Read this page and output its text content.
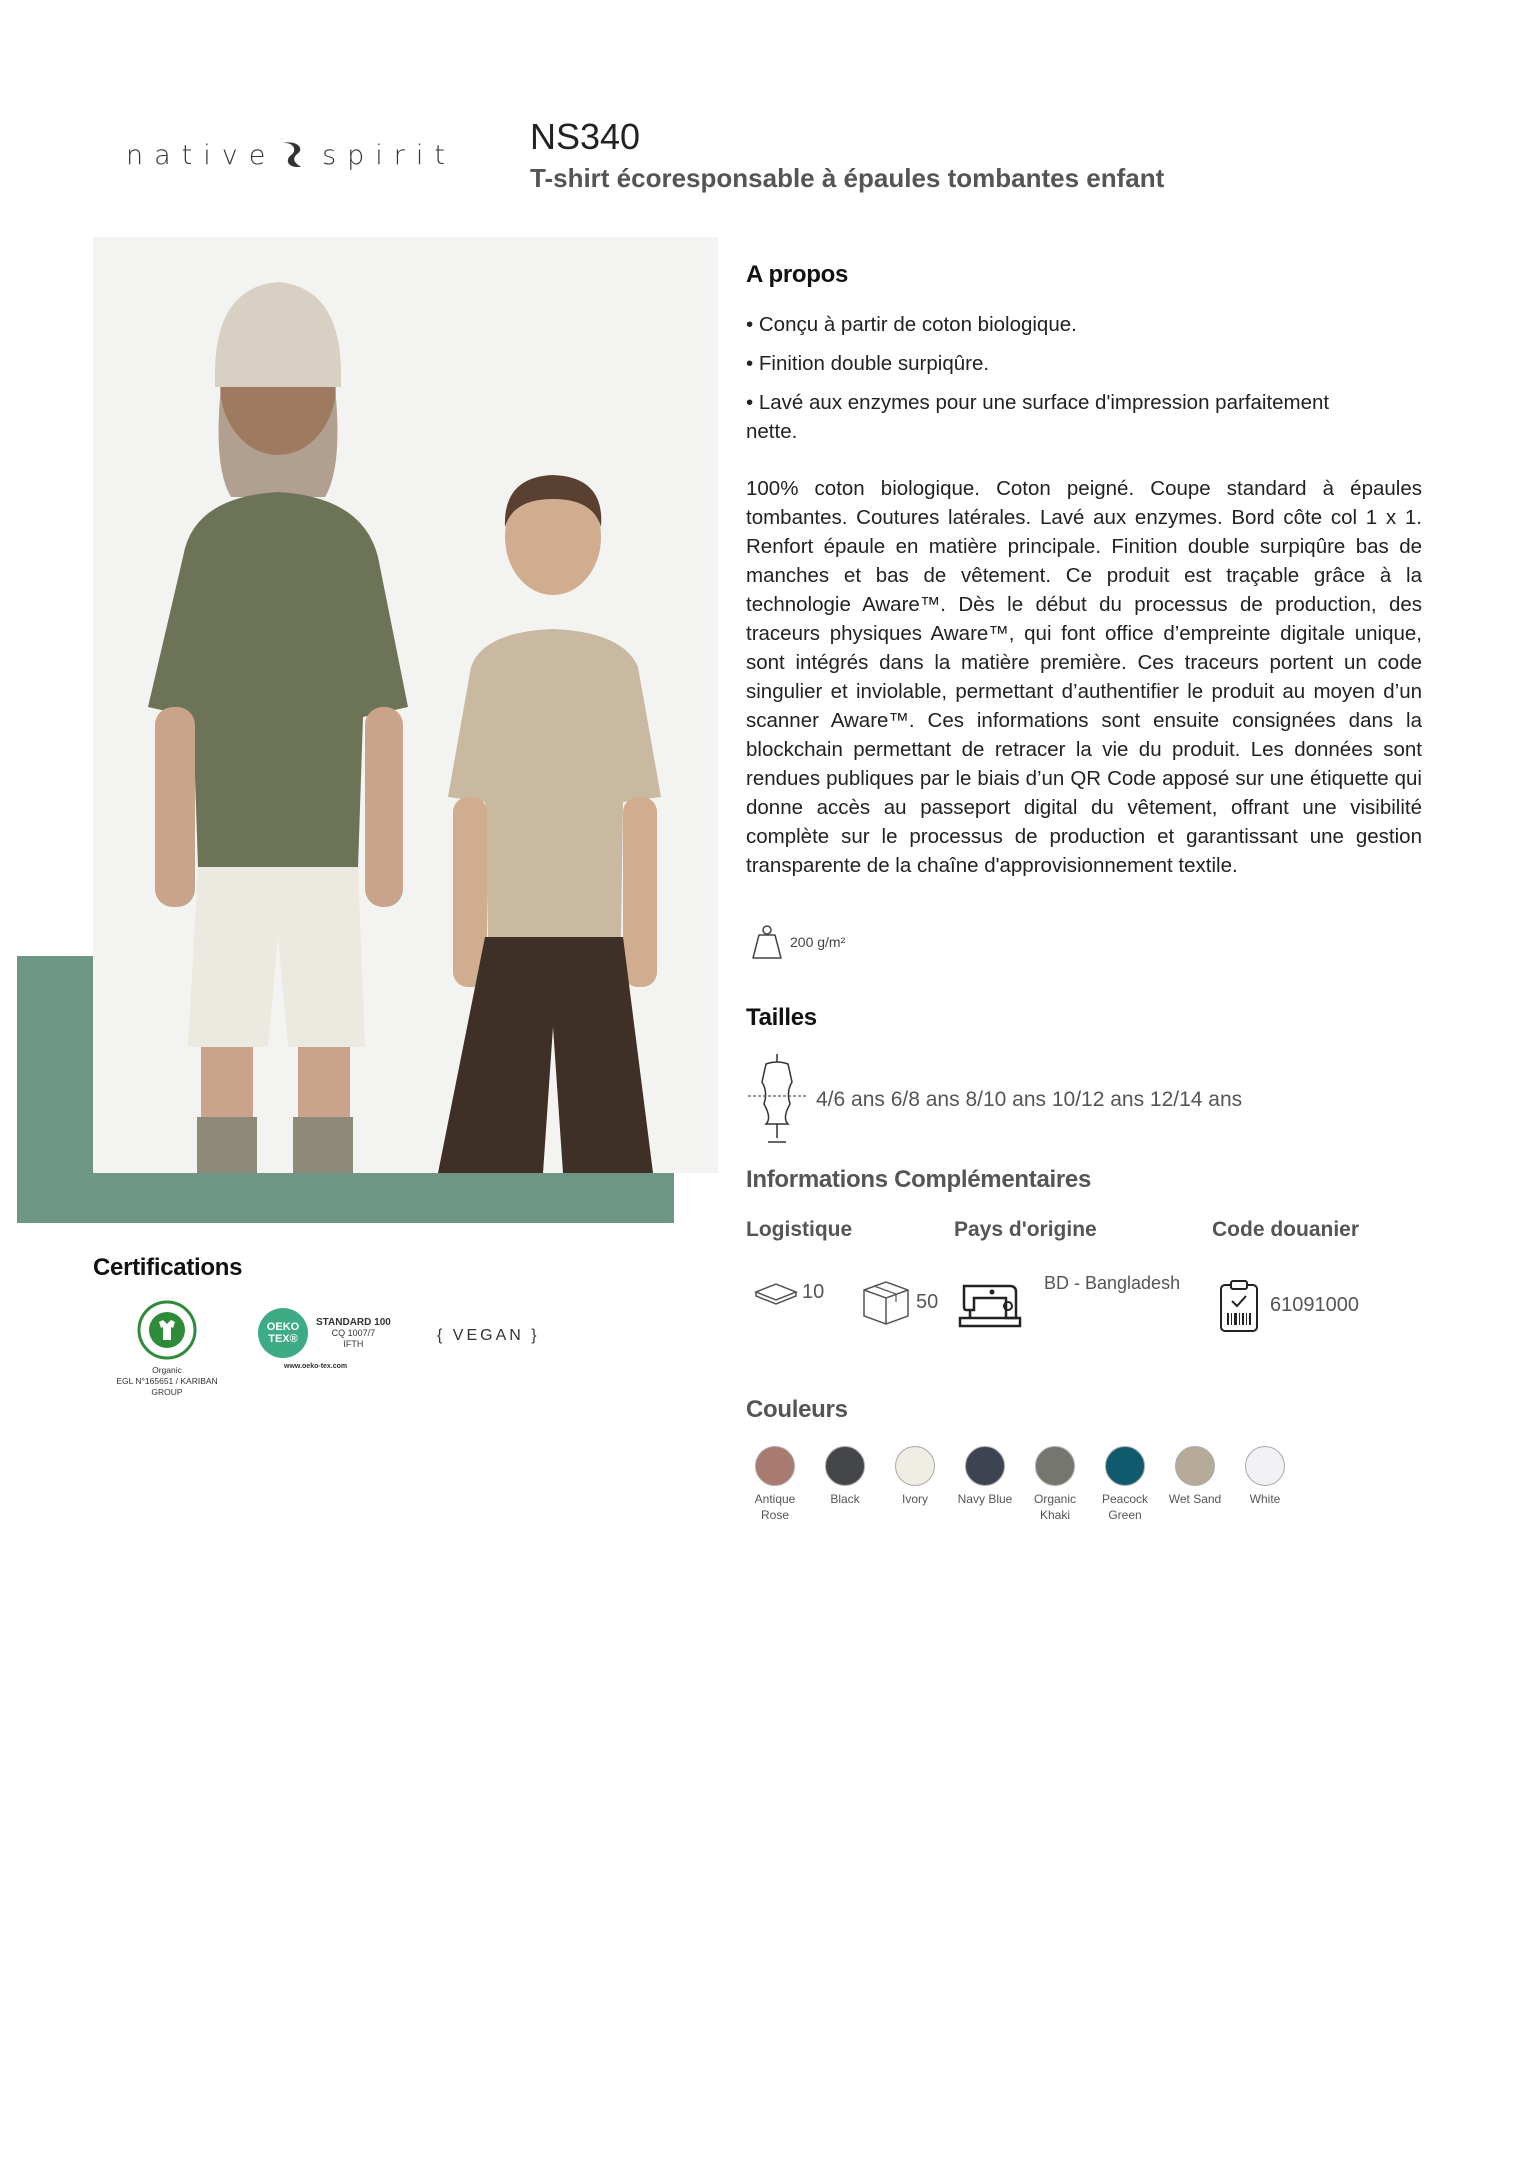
native spirit NS340
T-shirt écoresponsable à épaules tombantes enfant
A propos

• Conçu à partir de coton biologique.

• Finition double surpiqûre.

• Lavé aux enzymes pour une surface d'impression parfaitement nette.

100% coton biologique. Coton peigné. Coupe standard à épaules tombantes. Coutures latérales. Lavé aux enzymes. Bord côte col 1 x 1. Renfort épaule en matière principale. Finition double surpiqûre bas de manches et bas de vêtement. Ce produit est traçable grâce à la technologie Aware™. Dès le début du processus de production, des traceurs physiques Aware™, qui font office d’empreinte digitale unique, sont intégrés dans la matière première. Ces traceurs portent un code singulier et inviolable, permettant d’authentifier le produit au moyen d’un scanner Aware™. Ces informations sont ensuite consignées dans la blockchain permettant de retracer la vie du produit. Les données sont rendues publiques par le biais d’un QR Code apposé sur une étiquette qui donne accès au passeport digital du vêtement, offrant une visibilité complète sur le processus de production et garantissant une gestion transparente de la chaîne d'approvisionnement textile.

200 g/m²
Tailles
4/6 ans 6/8 ans 8/10 ans 10/12 ans 12/14 ans
Informations Complémentaires
Logistique	Pays d'origine	Code douanier
10	50
BD - Bangladesh
61091000
Certifications
Organic
EGL N°165651 / KARIBAN GROUP
OEKO TEX®
STANDARD 100
CQ 1007/7
IFTH
www.oeko-tex.com
{ VEGAN }
Couleurs
Antique Rose
Black	Ivory	Navy Blue	Organic Khaki
Peacock Green
Wet Sand	White
